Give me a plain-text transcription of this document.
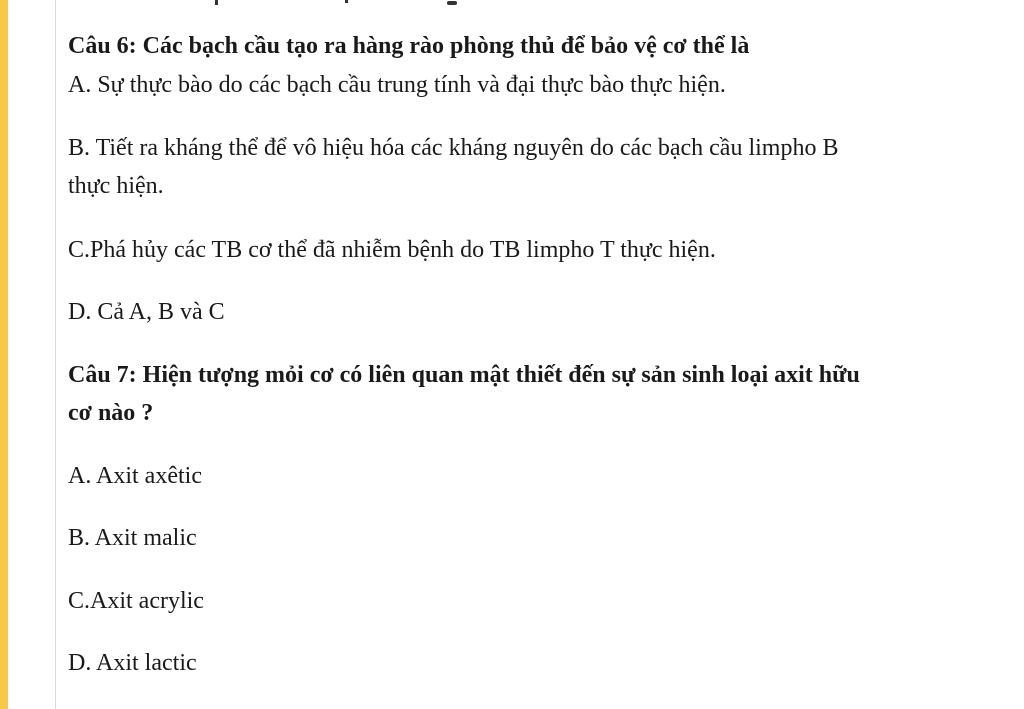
Câu 6: Các bạch cầu tạo ra hàng rào phòng thủ để bảo vệ cơ thể là
A. Sự thực bào do các bạch cầu trung tính và đại thực bào thực hiện.
B. Tiết ra kháng thể để vô hiệu hóa các kháng nguyên do các bạch cầu limpho B
thực hiện.
C.Phá hủy các TB cơ thể đã nhiễm bệnh do TB limpho T thực hiện.
D. Cả A, B và C
Câu 7: Hiện tượng mỏi cơ có liên quan mật thiết đến sự sản sinh loại axit hữu
cơ nào ?
A. Axit axêtic
B. Axit malic
C.Axit acrylic
D. Axit lactic
